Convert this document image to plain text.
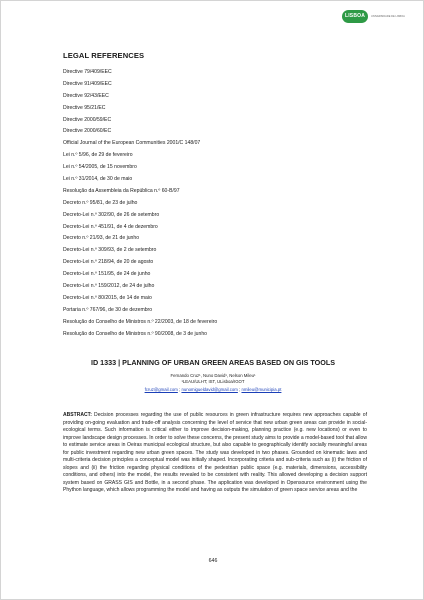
LISBOA	UNIVERSIDADE DE LISBOA
LEGAL REFERENCES
Directive 79/409/EEC
Directive 91/409/EEC
Directive 92/43/EEC
Directive 95/21/EC
Directive 2000/59/EC
Directive 2000/60/EC
Official Journal of the European Communities 2001/C 148/07
Lei n.º 5/96, de 29 de fevereiro
Lei n.º 54/2005, de 15 novembro
Lei n.º 31/2014, de 30 de maio
Resolução da Assembleia da República n.º 60-B/97
Decreto n.º 95/81, de 23 de julho
Decreto-Lei n.º 302/90, de 26 de setembro
Decreto-Lei n.º 451/91, de 4 de dezembro
Decreto n.º 21/93, de 21 de junho
Decreto-Lei n.º 309/93, de 2 de setembro
Decreto-Lei n.º 218/94, de 20 de agosto
Decreto-Lei n.º 151/95, de 24 de junho
Decreto-Lei n.º 159/2012, de 24 de julho
Decreto-Lei n.º 80/2015, de 14 de maio
Portaria n.º 767/96, de 30 de dezembro
Resolução do Conselho de Ministros n.º 22/2003, de 18 de fevereiro
Resolução do Conselho de Ministros n.º 90/2008, de 3 de junho
ID 1333 | PLANNING OF URBAN GREEN AREAS BASED ON GIS TOOLS
Fernando Cruz¹, Nuno David¹, Nelson Mileu¹
¹LEAU/ULHT; IST, ULisboa/IGOT
fcruz@gmail.com ; nunomiguelda​vid@gmail.com ; nmileu@municipia.pt

ABSTRACT: Decision processes regarding the use of public resources in green infrastructure requires new approaches capable of providing on-going evaluation and trade-off analysis concerning the level of service that new urban green areas can provide in social-ecological terms. Such information is critical either to improve decision-making, planning practice (e.g. new locations) or even to improve landscape design processes. In order to solve these concerns, the present study aims to provide a model-based tool that allow to estimate service areas in Oeiras municipal ecological structure, but also capable to geographically identify socially meaningful areas for public investment regarding new urban green spaces. The study was developed in two phases. Grounded on kinematic laws and multi-criteria decision principles a conceptual model was initially shaped. Incorporating criteria and sub-criteria such as (i) the friction of slopes and (ii) the friction regarding physical conditions of the pedestrian public space (e.g. materials, dimensions, accessibility conditions, and others) into the model, the results revealed to be consistent with reality. This allowed developing a decision support system based on GRASS GIS and Bottle, in a second phase. The application was developed in Opensource environment using the Phython language, which allows programming the model and having as outputs the simulation of green space service areas and the

646
